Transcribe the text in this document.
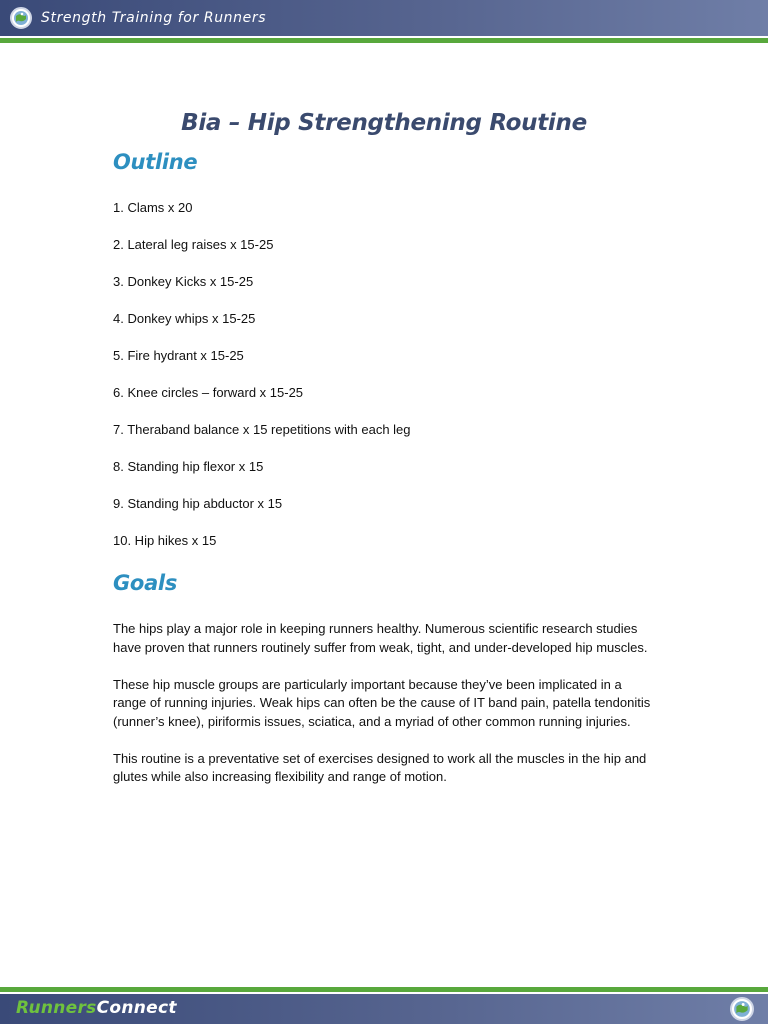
Strength Training for Runners
Bia – Hip Strengthening Routine
Outline
1. Clams x 20
2. Lateral leg raises x 15-25
3. Donkey Kicks x 15-25
4. Donkey whips x 15-25
5. Fire hydrant x 15-25
6. Knee circles – forward x 15-25
7. Theraband balance x 15 repetitions with each leg
8. Standing hip flexor x 15
9. Standing hip abductor x 15
10. Hip hikes x 15
Goals

The hips play a major role in keeping runners healthy. Numerous scientific research studies have proven that runners routinely suffer from weak, tight, and under-developed hip muscles.

These hip muscle groups are particularly important because they’ve been implicated in a range of running injuries. Weak hips can often be the cause of IT band pain, patella tendonitis (runner’s knee), piriformis issues, sciatica, and a myriad of other common running injuries.

This routine is a preventative set of exercises designed to work all the muscles in the hip and glutes while also increasing flexibility and range of motion.

RunnersConnect
